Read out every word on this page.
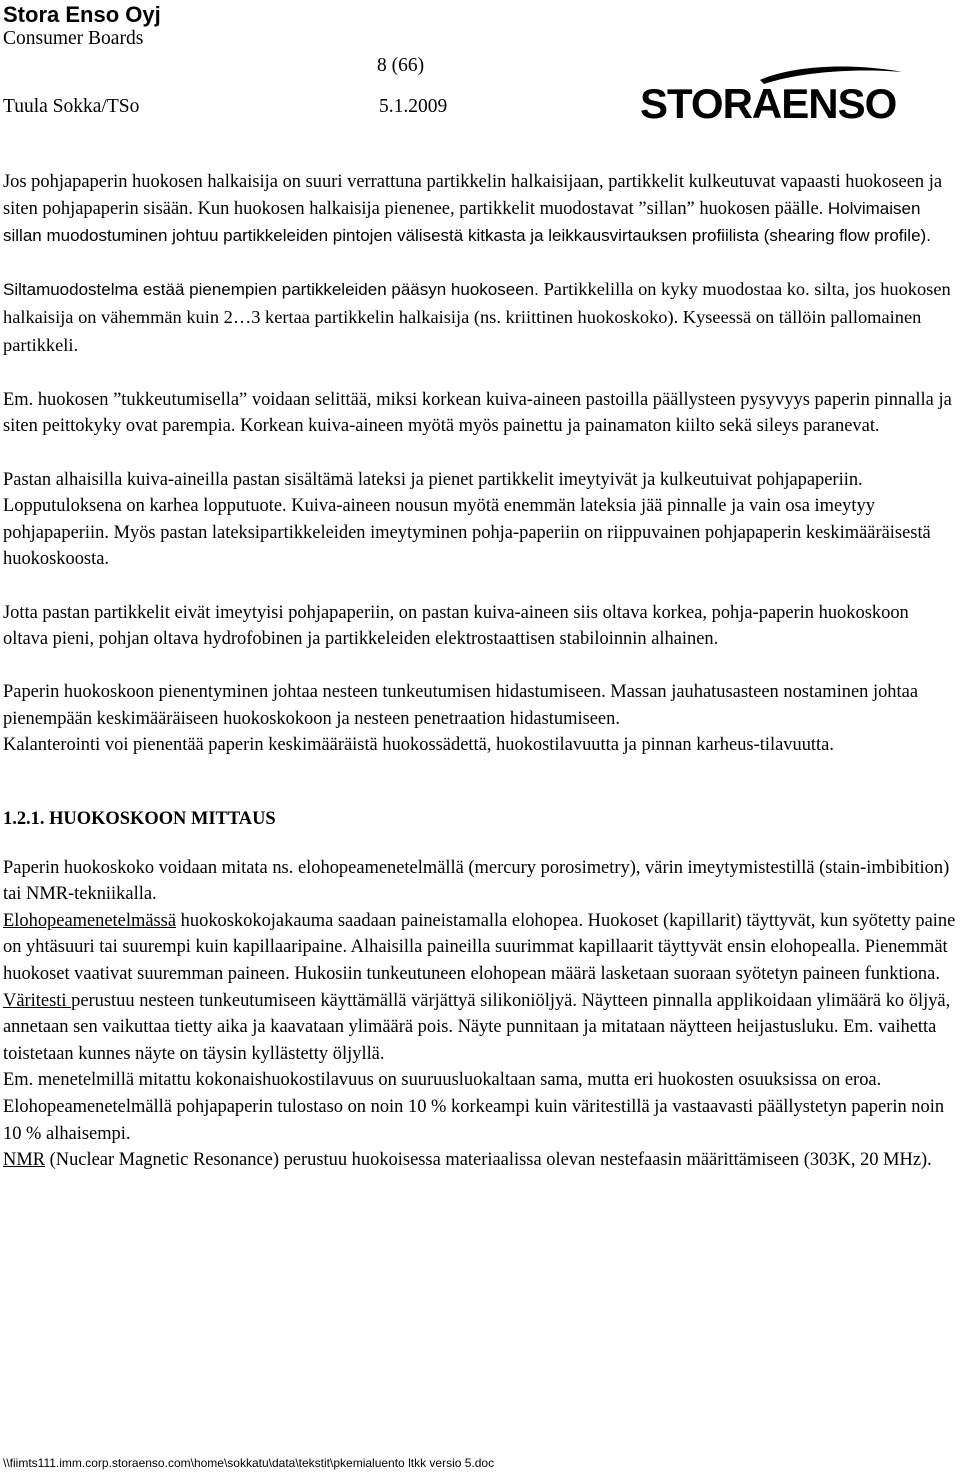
Stora Enso Oyj
Consumer Boards
8 (66)
Tuula Sokka/TSo	5.1.2009	STORAENSO

Jos pohjapaperin huokosen halkaisija on suuri verrattuna partikkelin halkaisijaan, partikkelit kulkeutuvat vapaasti huokoseen ja siten pohjapaperin sisään. Kun huokosen halkaisija pienenee, partikkelit muodostavat ”sillan” huokosen päälle. Holvimaisen sillan muodostuminen johtuu partikkeleiden pintojen välisestä kitkasta ja leikkausvirtauksen profiilista (shearing flow profile).

Siltamuodostelma estää pienempien partikkeleiden pääsyn huokoseen. Partikkelilla on kyky muodostaa ko. silta, jos huokosen halkaisija on vähemmän kuin 2…3 kertaa partikkelin halkaisija (ns. kriittinen huokoskoko). Kyseessä on tällöin pallomainen partikkeli.

Em. huokosen ”tukkeutumisella” voidaan selittää, miksi korkean kuiva-aineen pastoilla päällysteen pysyvyys paperin pinnalla ja siten peittokyky ovat parempia. Korkean kuiva-aineen myötä myös painettu ja painamaton kiilto sekä sileys paranevat.

Pastan alhaisilla kuiva-aineilla pastan sisältämä lateksi ja pienet partikkelit imeytyivät ja kulkeutuivat pohjapaperiin. Lopputuloksena on karhea lopputuote. Kuiva-aineen nousun myötä enemmän lateksia jää pinnalle ja vain osa imeytyy pohjapaperiin. Myös pastan lateksipartikkeleiden imeytyminen pohja-paperiin on riippuvainen pohjapaperin keskimääräisestä huokoskoosta.

Jotta pastan partikkelit eivät imeytyisi pohjapaperiin, on pastan kuiva-aineen siis oltava korkea, pohja-paperin huokoskoon oltava pieni, pohjan oltava hydrofobinen ja partikkeleiden elektrostaattisen stabiloinnin alhainen.

Paperin huokoskoon pienentyminen johtaa nesteen tunkeutumisen hidastumiseen. Massan jauhatusasteen nostaminen johtaa pienempään keskimääräiseen huokoskokoon ja nesteen penetraation hidastumiseen.

Kalanterointi voi pienentää paperin keskimääräistä huokossädettä, huokostilavuutta ja pinnan karheus-tilavuutta.

1.2.1. HUOKOSKOON MITTAUS

Paperin huokoskoko voidaan mitata ns. elohopeamenetelmällä (mercury porosimetry), värin imeytymistestillä (stain-imbibition) tai NMR-tekniikalla.

Elohopeamenetelmässä huokoskokojakauma saadaan paineistamalla elohopea. Huokoset (kapillarit) täyttyvät, kun syötetty paine on yhtäsuuri tai suurempi kuin kapillaaripaine. Alhaisilla paineilla suurimmat kapillaarit täyttyvät ensin elohopealla. Pienemmät huokoset vaativat suuremman paineen. Hukosiin tunkeutuneen elohopean määrä lasketaan suoraan syötetyn paineen funktiona.

Väritesti perustuu nesteen tunkeutumiseen käyttämällä värjättyä silikoniöljyä. Näytteen pinnalla applikoidaan ylimäärä ko öljyä, annetaan sen vaikuttaa tietty aika ja kaavataan ylimäärä pois. Näyte punnitaan ja mitataan näytteen heijastusluku. Em. vaihetta toistetaan kunnes näyte on täysin kyllästetty öljyllä.

Em. menetelmillä mitattu kokonaishuokostilavuus on suuruusluokaltaan sama, mutta eri huokosten osuuksissa on eroa. Elohopeamenetelmällä pohjapaperin tulostaso on noin 10 % korkeampi kuin väritestillä ja vastaavasti päällystetyn paperin noin 10 % alhaisempi.

NMR (Nuclear Magnetic Resonance) perustuu huokoisessa materiaalissa olevan nestefaasin määrittämiseen (303K, 20 MHz).

\\fiimts111.imm.corp.storaenso.com\home\sokkatu\data\tekstit\pkemialuento ltkk versio 5.doc
